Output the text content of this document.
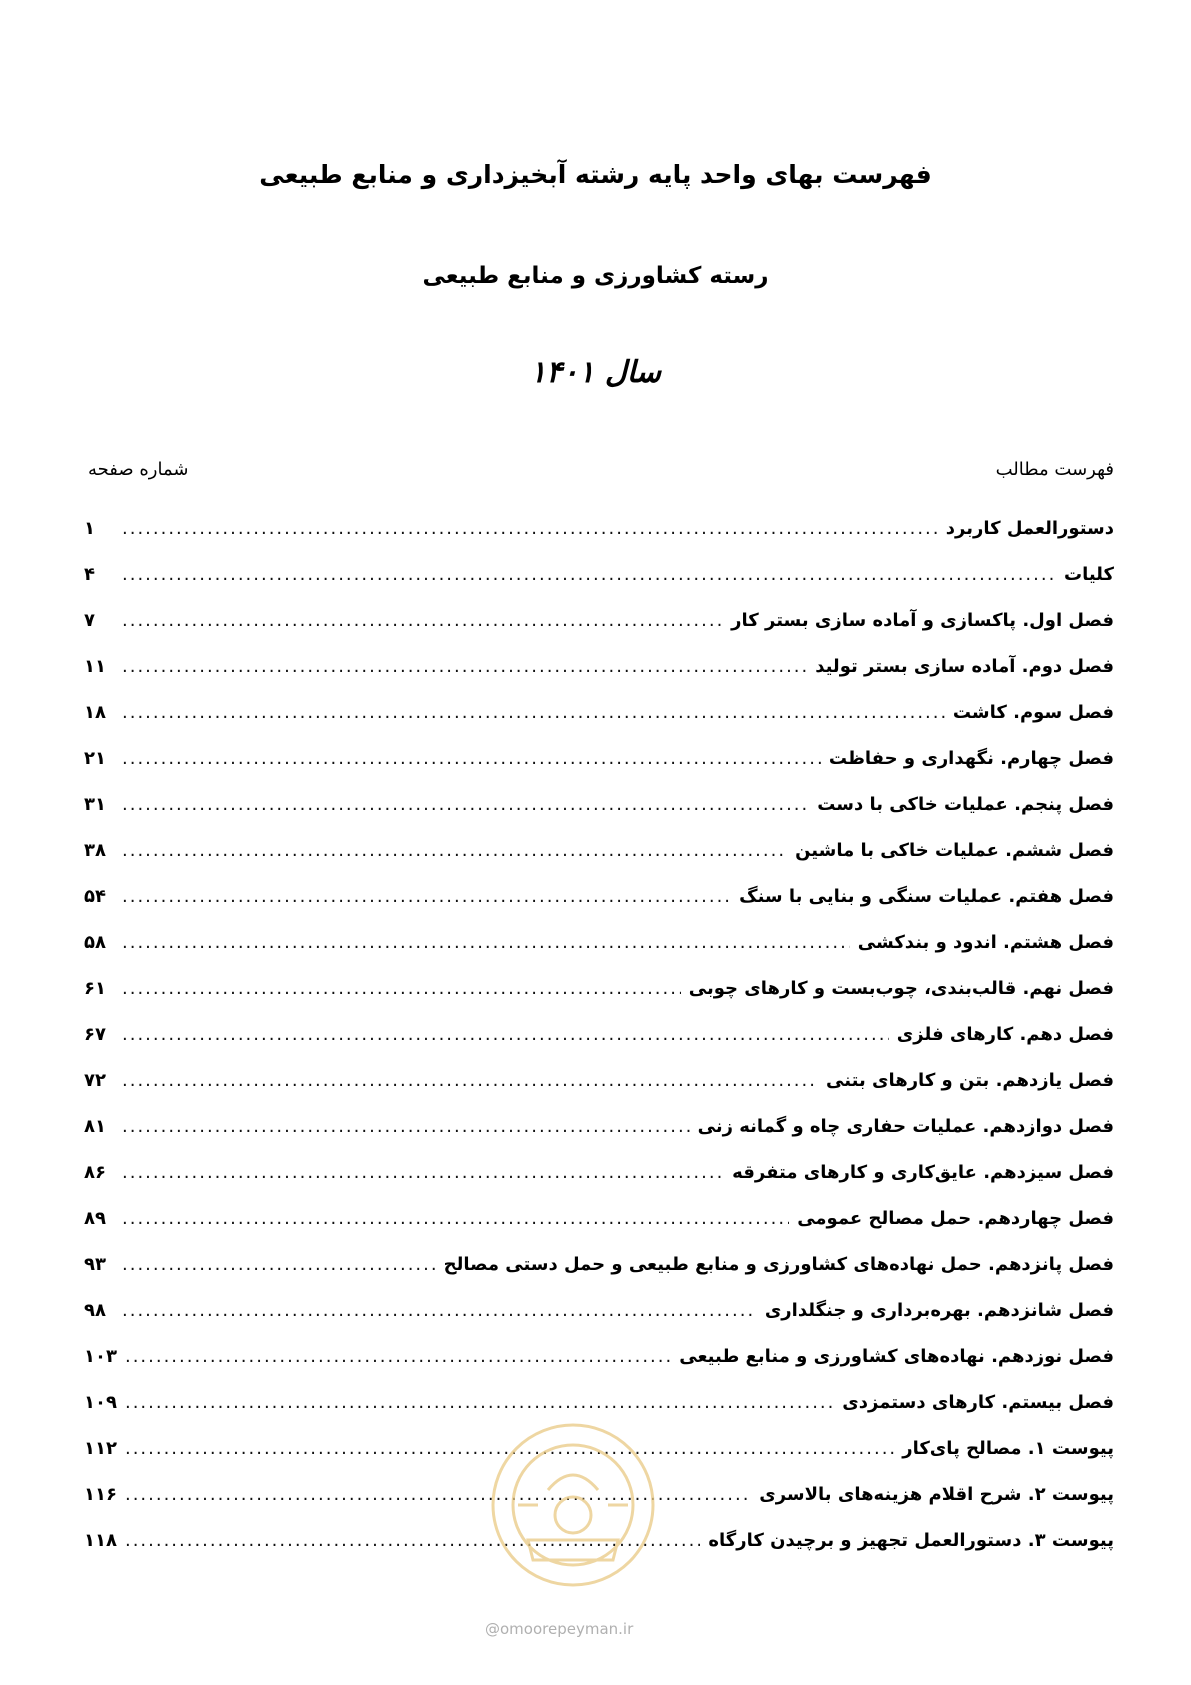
فهرست بهای واحد پایه رشته آبخیزداری و منابع طبیعی
رسته کشاورزی و منابع طبیعی
سال ۱۴۰۱
فهرست مطالب
شماره صفحه
دستورالعمل کاربرد
.....
۱
کلیات
.....
۴
فصل اول. پاکسازی و آماده سازی بستر کار
.....
۷
فصل دوم. آماده سازی بستر تولید
.....
۱۱
فصل سوم. کاشت
.....
۱۸
فصل چهارم. نگهداری و حفاظت
.....
۲۱
فصل پنجم. عملیات خاکی با دست
.....
۳۱
فصل ششم. عملیات خاکی با ماشین
.....
۳۸
فصل هفتم. عملیات سنگی و بنایی با سنگ
.....
۵۴
فصل هشتم. اندود و بندکشی
.....
۵۸
فصل نهم. قالب‌بندی، چوب‌بست و کارهای چوبی
.....
۶۱
فصل دهم. کارهای فلزی
.....
۶۷
فصل یازدهم. بتن و کارهای بتنی
.....
۷۲
فصل دوازدهم. عملیات حفاری چاه و گمانه زنی
.....
۸۱
فصل سیزدهم. عایق‌کاری و کارهای متفرقه
.....
۸۶
فصل چهاردهم. حمل مصالح عمومی
.....
۸۹
فصل پانزدهم. حمل نهاده‌های کشاورزی و منابع طبیعی و حمل دستی مصالح
.....
۹۳
فصل شانزدهم. بهره‌برداری و جنگلداری
.....
۹۸
فصل نوزدهم. نهاده‌های کشاورزی و منابع طبیعی
.....
۱۰۳
فصل بیستم. کارهای دستمزدی
.....
۱۰۹
پیوست ۱. مصالح پای‌کار
.....
۱۱۲
پیوست ۲. شرح اقلام هزینه‌های بالاسری
.....
۱۱۶
پیوست ۳. دستورالعمل تجهیز و برچیدن کارگاه
.....
۱۱۸
@omoorepeyman.ir
